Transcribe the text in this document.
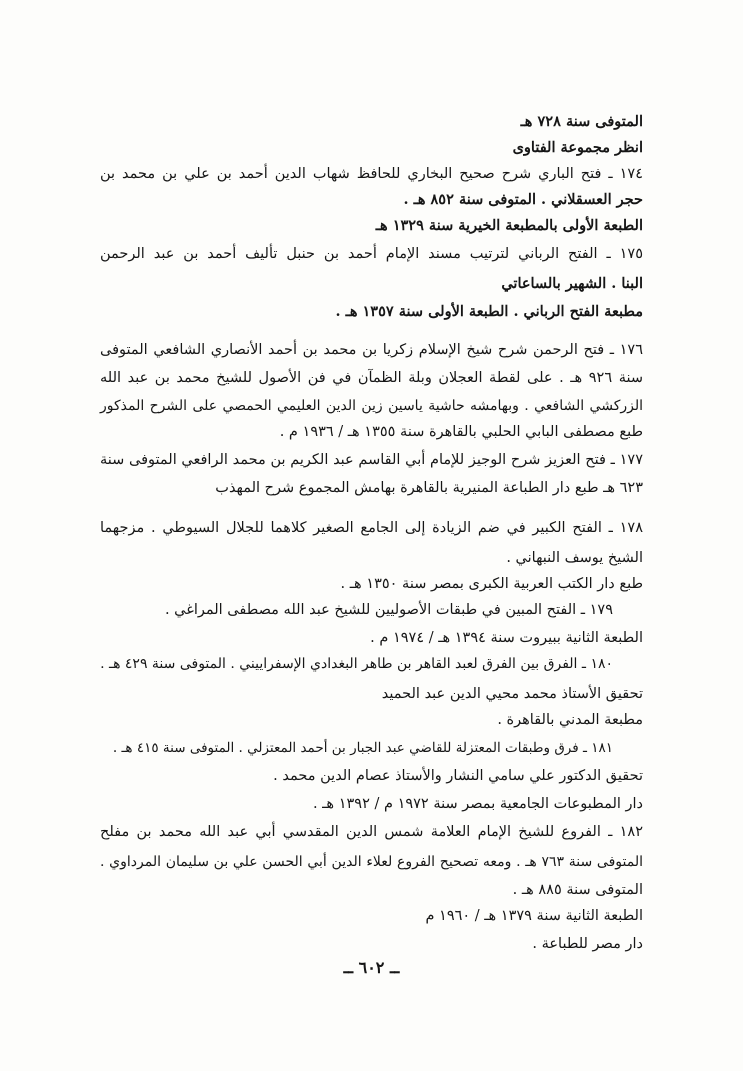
المتوفى سنة ٧٢٨ هـ
انظر مجموعة الفتاوى
١٧٤ ـ فتح الباري شرح صحيح البخاري للحافظ شهاب الدين أحمد بن علي بن محمد بن
حجر العسقلاني . المتوفى سنة ٨٥٢ هـ .
الطبعة الأولى بالمطبعة الخيرية سنة ١٣٢٩ هـ
١٧٥ ـ الفتح الرباني لترتيب مسند الإمام أحمد بن حنبل تأليف أحمد بن عبد الرحمن
البنا . الشهير بالساعاتي
مطبعة الفتح الرباني . الطبعة الأولى سنة ١٣٥٧ هـ .
١٧٦ ـ فتح الرحمن شرح شيخ الإسلام زكريا بن محمد بن أحمد الأنصاري الشافعي المتوفى
سنة ٩٢٦ هـ . على لقطة العجلان وبلة الظمآن في فن الأصول للشيخ محمد بن عبد الله
الزركشي الشافعي . وبهامشه حاشية ياسين زين الدين العليمي الحمصي على الشرح المذكور
طبع مصطفى البابي الحلبي بالقاهرة سنة ١٣٥٥ هـ / ١٩٣٦ م .
١٧٧ ـ فتح العزيز شرح الوجيز للإمام أبي القاسم عبد الكريم بن محمد الرافعي المتوفى سنة
٦٢٣ هـ طبع دار الطباعة المنيرية بالقاهرة بهامش المجموع شرح المهذب
١٧٨ ـ الفتح الكبير في ضم الزيادة إلى الجامع الصغير كلاهما للجلال السيوطي . مزجهما
الشيخ يوسف النبهاني .
طبع دار الكتب العربية الكبرى بمصر سنة ١٣٥٠ هـ .
١٧٩ ـ الفتح المبين في طبقات الأصوليين للشيخ عبد الله مصطفى المراغي .
الطبعة الثانية ببيروت سنة ١٣٩٤ هـ / ١٩٧٤ م .
١٨٠ ـ الفرق بين الفرق لعبد القاهر بن طاهر البغدادي الإسفراييني . المتوفى سنة ٤٢٩ هـ .
تحقيق الأستاذ محمد محيي الدين عبد الحميد
مطبعة المدني بالقاهرة .
١٨١ ـ فرق وطبقات المعتزلة للقاضي عبد الجبار بن أحمد المعتزلي . المتوفى سنة ٤١٥ هـ .
تحقيق الدكتور علي سامي النشار والأستاذ عصام الدين محمد .
دار المطبوعات الجامعية بمصر سنة ١٩٧٢ م / ١٣٩٢ هـ .
١٨٢ ـ الفروع للشيخ الإمام العلامة شمس الدين المقدسي أبي عبد الله محمد بن مفلح
المتوفى سنة ٧٦٣ هـ . ومعه تصحيح الفروع لعلاء الدين أبي الحسن علي بن سليمان المرداوي .
المتوفى سنة ٨٨٥ هـ .
الطبعة الثانية سنة ١٣٧٩ هـ / ١٩٦٠ م
دار مصر للطباعة .
ــ ٦٠٢ ــ
